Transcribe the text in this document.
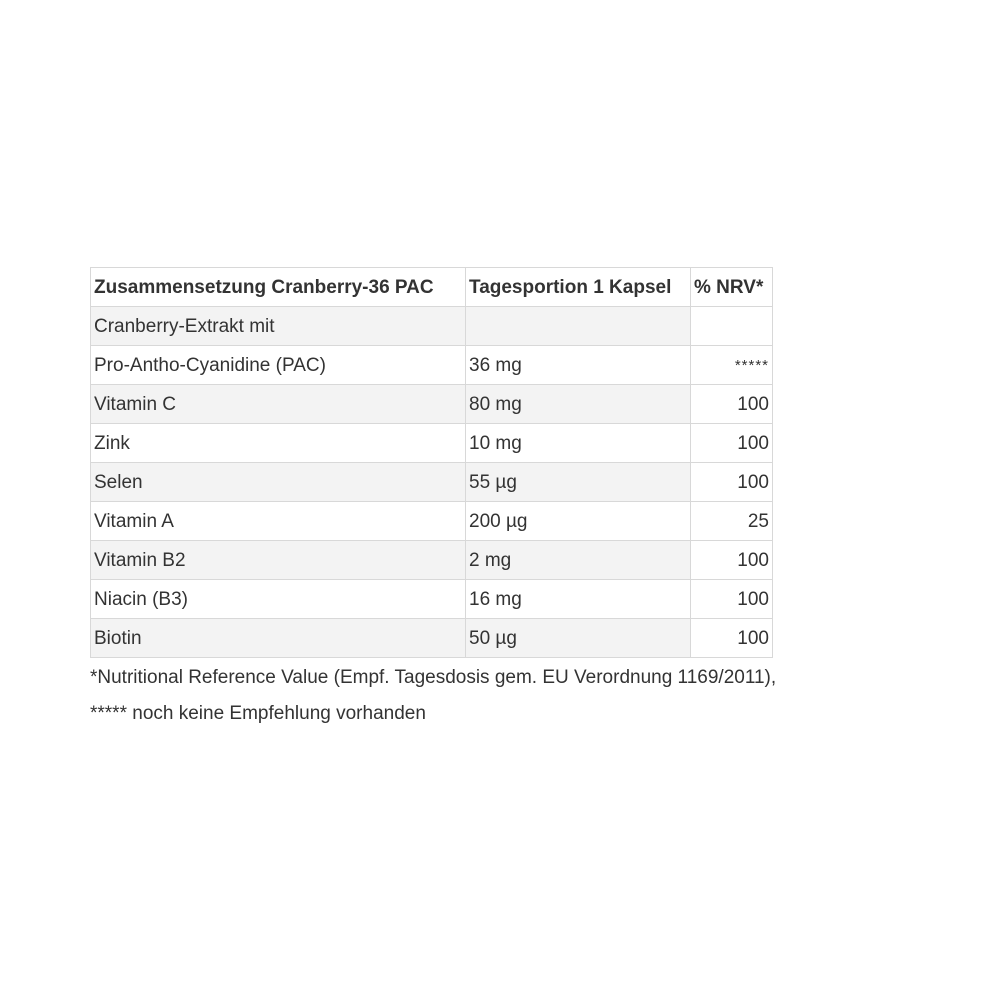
Zusammensetzung Cranberry-36 PAC	Tagesportion 1 Kapsel	% NRV*
Cranberry-Extrakt mit		
Pro-Antho-Cyanidine (PAC)	36 mg	*****
Vitamin C	80 mg	100
Zink	10 mg	100
Selen	55 µg	100
Vitamin A	200 µg	25
Vitamin B2	2 mg	100
Niacin (B3)	16 mg	100
Biotin	50 µg	100
*Nutritional Reference Value (Empf. Tagesdosis gem. EU Verordnung 1169/2011),
***** noch keine Empfehlung vorhanden
